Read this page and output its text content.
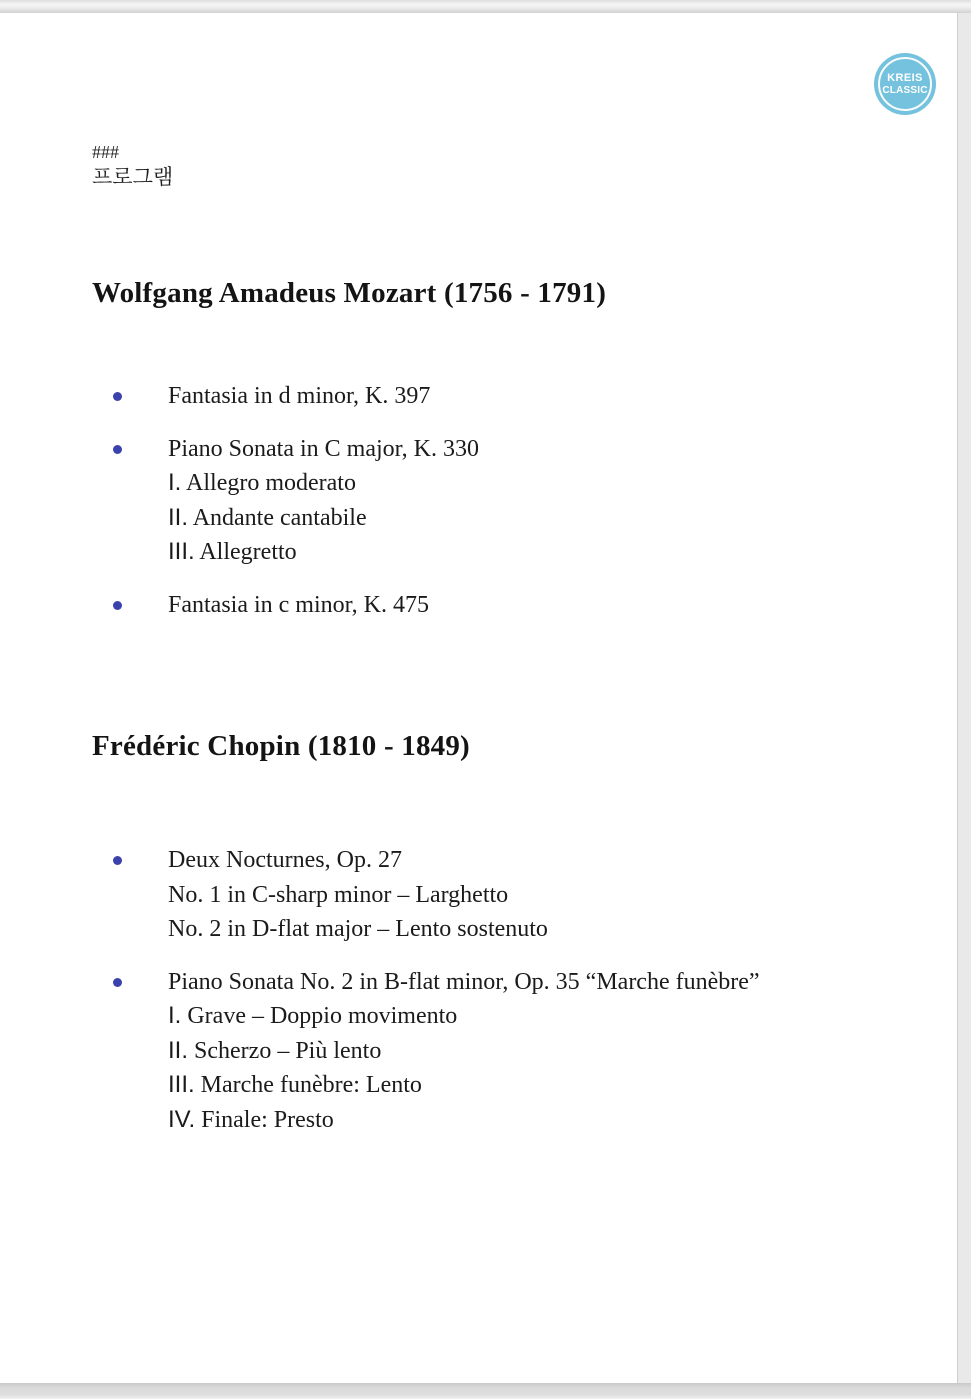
KREIS
CLASSIC
###
프로그램
Wolfgang Amadeus Mozart (1756 - 1791)
Fantasia in d minor, K. 397
Piano Sonata in C major, K. 330
I. Allegro moderato
II. Andante cantabile
III. Allegretto
Fantasia in c minor, K. 475
Frédéric Chopin (1810 - 1849)
Deux Nocturnes, Op. 27
No. 1 in C-sharp minor – Larghetto
No. 2 in D-flat major – Lento sostenuto
Piano Sonata No. 2 in B-flat minor, Op. 35 “Marche funèbre”
I. Grave – Doppio movimento
II. Scherzo – Più lento
III. Marche funèbre: Lento
IV. Finale: Presto
